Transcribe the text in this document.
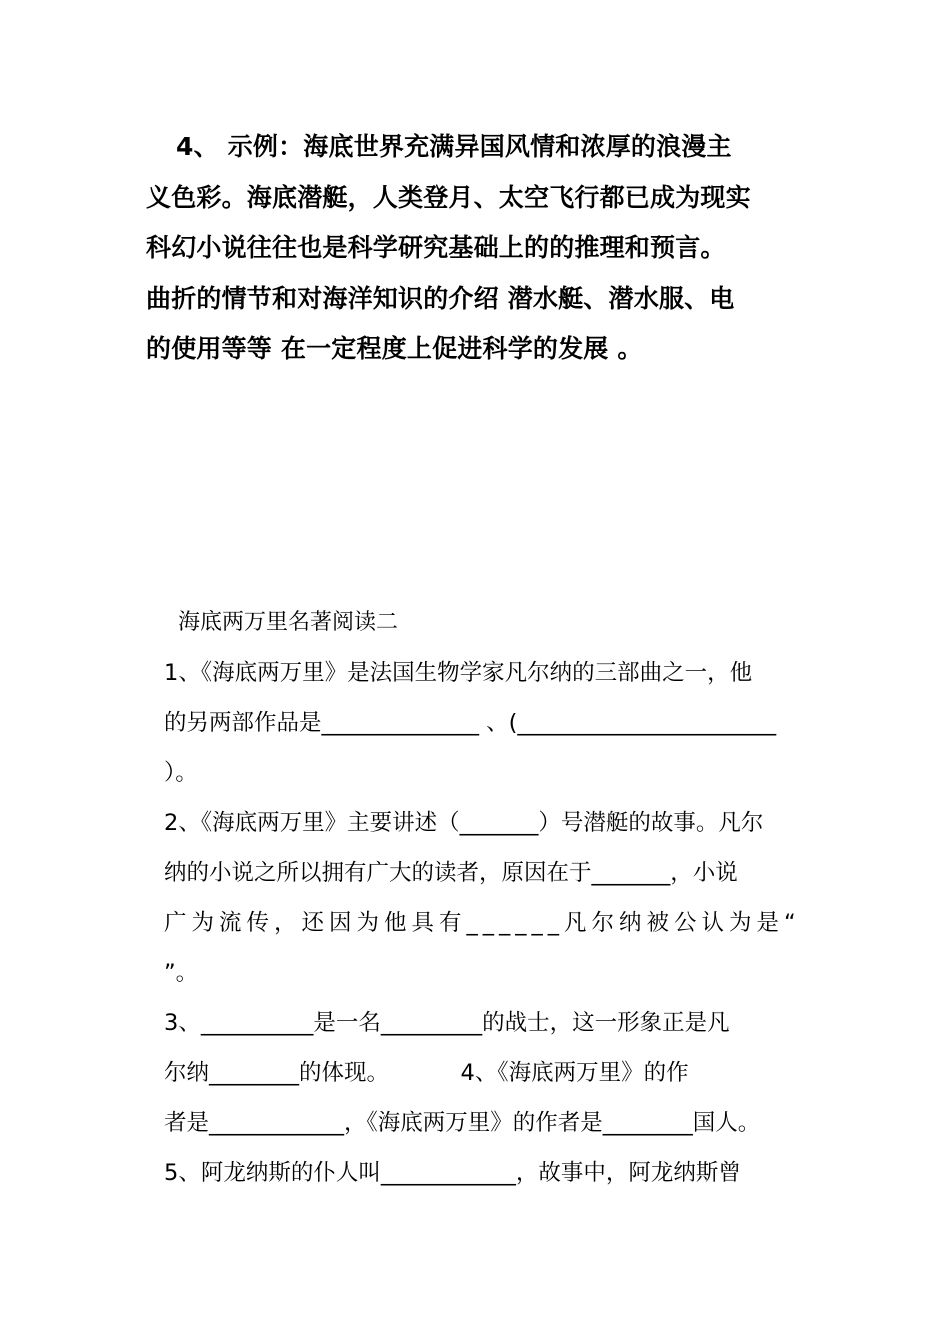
4、 示例：海底世界充满异国风情和浓厚的浪漫主
义色彩。海底潜艇，人类登月、太空飞行都已成为现实
科幻小说往往也是科学研究基础上的的推理和预言。
曲折的情节和对海洋知识的介绍 潜水艇、潜水服、电
的使用等等 在一定程度上促进科学的发展 。
海底两万里名著阅读二
1、《海底两万里》是法国生物学家凡尔纳的三部曲之一，他
的另两部作品是______________ 、(_______________________
）。
2、《海底两万里》主要讲述（_______）号潜艇的故事。凡尔
纳的小说之所以拥有广大的读者，原因在于_______，小说
广为流传，还因为他具有______凡尔纳被公认为是“
”。
3、__________是一名_________的战士，这一形象正是凡
尔纳________的体现。          4、《海底两万里》的作
者是____________，《海底两万里》的作者是________国人。
5、阿龙纳斯的仆人叫____________，故事中，阿龙纳斯曾
